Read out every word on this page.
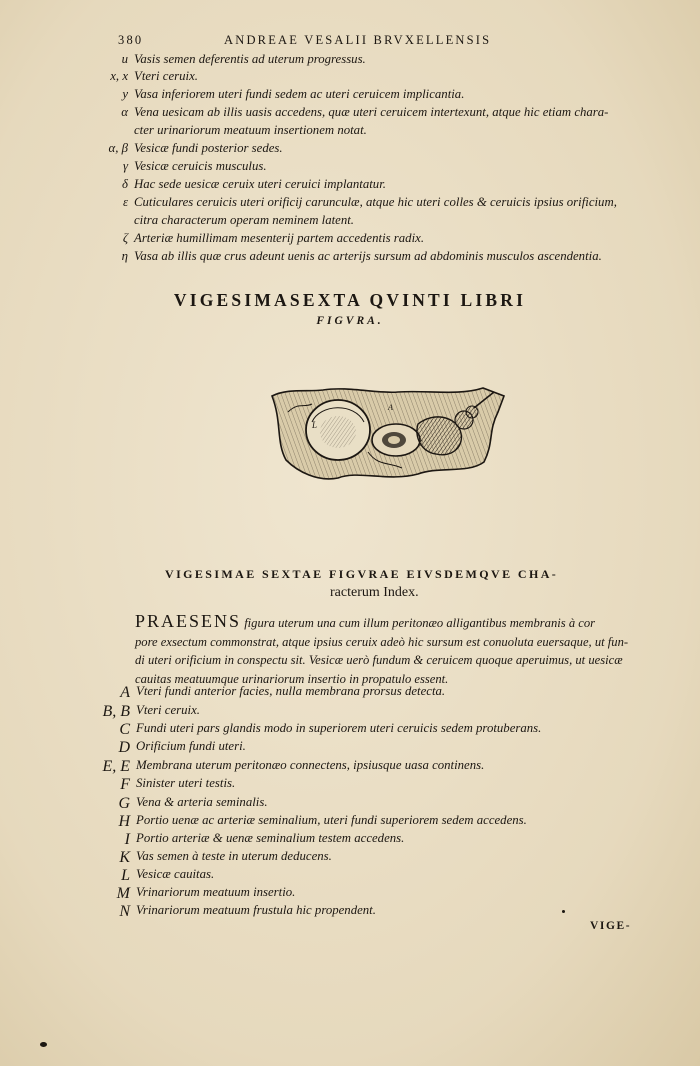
380	ANDREAE VESALII BRVXELLENSIS
u Vasis semen deferentis ad uterum progressus.
x, x Vteri ceruix.
y Vasa inferiorem uteri fundi sedem ac uteri ceruicem implicantia.
α Vena uesicam ab illis uasis accedens, quæ uteri ceruicem intertexunt, atque hic etiam chara-
cter urinariorum meatuum insertionem notat.
α, β Vesicæ fundi posterior sedes.
γ Vesicæ ceruicis musculus.
δ Hac sede uesicæ ceruix uteri ceruici implantatur.
ε Cuticulares ceruicis uteri orificij carunculæ, atque hic uteri colles & ceruicis ipsius orificium,
citra characterum operam neminem latent.
ζ Arteriæ humillimam mesenterij partem accedentis radix.
η Vasa ab illis quæ crus adeunt uenis ac arterijs sursum ad abdominis musculos ascendentia.
VIGESIMASEXTA QVINTI LIBRI
FIGVRA.
L
A
E
VIGESIMAE SEXTAE FIGVRAE EIVSDEMQVE CHA-
racterum Index.
PRAESENS figura uterum una cum illum peritonæo alligantibus membranis à cor
pore exsectum commonstrat, atque ipsius ceruix adeò hic sursum est conuoluta euersaque, ut fun-
di uteri orificium in conspectu sit. Vesicæ uerò fundum & ceruicem quoque aperuimus, ut uesicæ
cauitas meatuumque urinariorum insertio in propatulo essent.
A Vteri fundi anterior facies, nulla membrana prorsus detecta.
B, B Vteri ceruix.
C Fundi uteri pars glandis modo in superiorem uteri ceruicis sedem protuberans.
D Orificium fundi uteri.
E, E Membrana uterum peritonæo connectens, ipsiusque uasa continens.
F Sinister uteri testis.
G Vena & arteria seminalis.
H Portio uenæ ac arteriæ seminalium, uteri fundi superiorem sedem accedens.
I Portio arteriæ & uenæ seminalium testem accedens.
K Vas semen à teste in uterum deducens.
L Vesicæ cauitas.
M Vrinariorum meatuum insertio.
N Vrinariorum meatuum frustula hic propendent.
VIGE-
